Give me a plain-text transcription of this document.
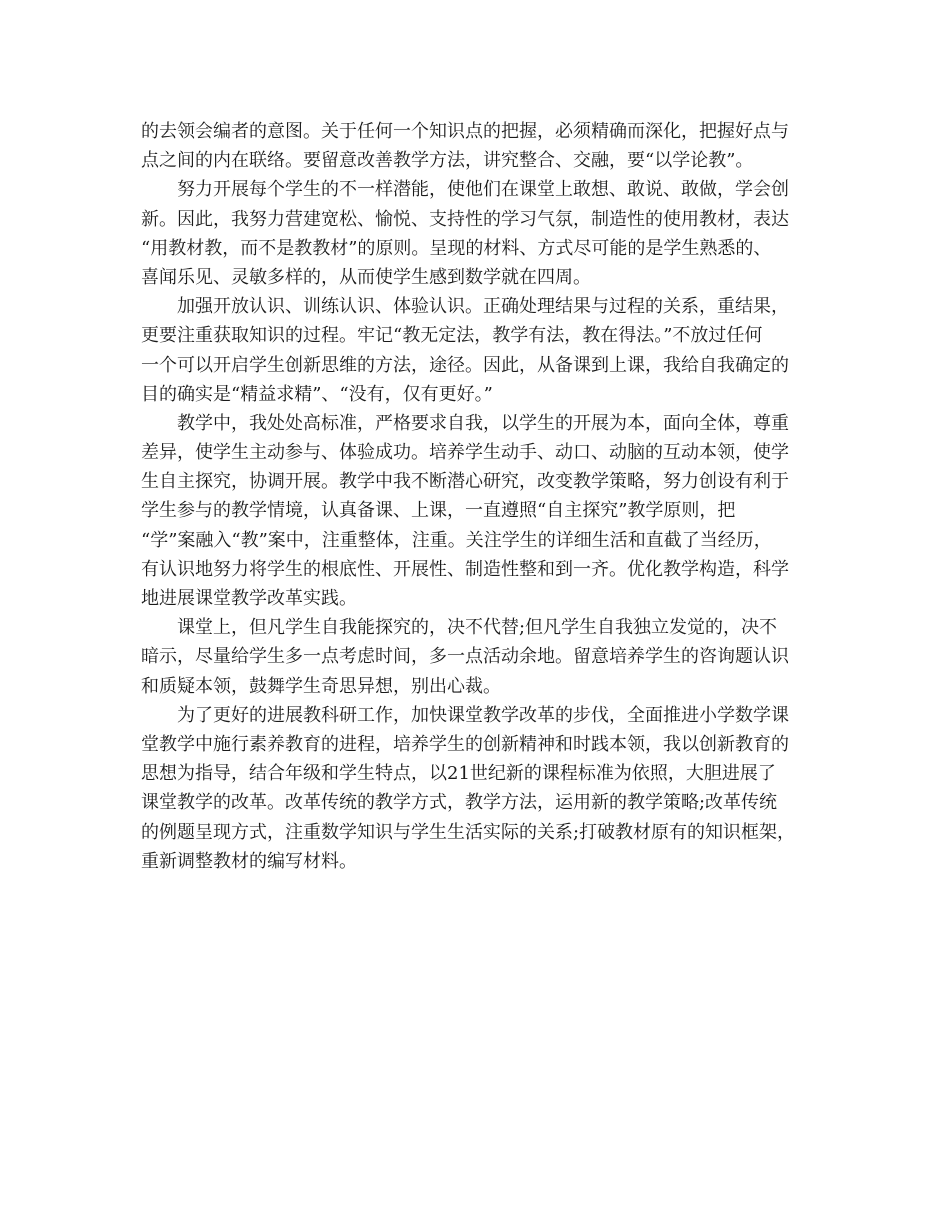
的去领会编者的意图。关于任何一个知识点的把握，必须精确而深化，把握好点与
点之间的内在联络。要留意改善教学方法，讲究整合、交融，要“以学论教”。
　　努力开展每个学生的不一样潜能，使他们在课堂上敢想、敢说、敢做，学会创
新。因此，我努力营建宽松、愉悦、支持性的学习气氛，制造性的使用教材，表达
“用教材教，而不是教教材”的原则。呈现的材料、方式尽可能的是学生熟悉的、
喜闻乐见、灵敏多样的，从而使学生感到数学就在四周。
　　加强开放认识、训练认识、体验认识。正确处理结果与过程的关系，重结果，
更要注重获取知识的过程。牢记“教无定法，教学有法，教在得法。”不放过任何
一个可以开启学生创新思维的方法，途径。因此，从备课到上课，我给自我确定的
目的确实是“精益求精”、“没有，仅有更好。”
　　教学中，我处处高标准，严格要求自我，以学生的开展为本，面向全体，尊重
差异，使学生主动参与、体验成功。培养学生动手、动口、动脑的互动本领，使学
生自主探究，协调开展。教学中我不断潜心研究，改变教学策略，努力创设有利于
学生参与的教学情境，认真备课、上课，一直遵照“自主探究”教学原则，把
“学”案融入“教”案中，注重整体，注重。关注学生的详细生活和直截了当经历，
有认识地努力将学生的根底性、开展性、制造性整和到一齐。优化教学构造，科学
地进展课堂教学改革实践。
　　课堂上，但凡学生自我能探究的，决不代替;但凡学生自我独立发觉的，决不
暗示，尽量给学生多一点考虑时间，多一点活动余地。留意培养学生的咨询题认识
和质疑本领，鼓舞学生奇思异想，别出心裁。
　　为了更好的进展教科研工作，加快课堂教学改革的步伐，全面推进小学数学课
堂教学中施行素养教育的进程，培养学生的创新精神和时践本领，我以创新教育的
思想为指导，结合年级和学生特点，以21世纪新的课程标准为依照，大胆进展了
课堂教学的改革。改革传统的教学方式，教学方法，运用新的教学策略;改革传统
的例题呈现方式，注重数学知识与学生生活实际的关系;打破教材原有的知识框架，
重新调整教材的编写材料。
